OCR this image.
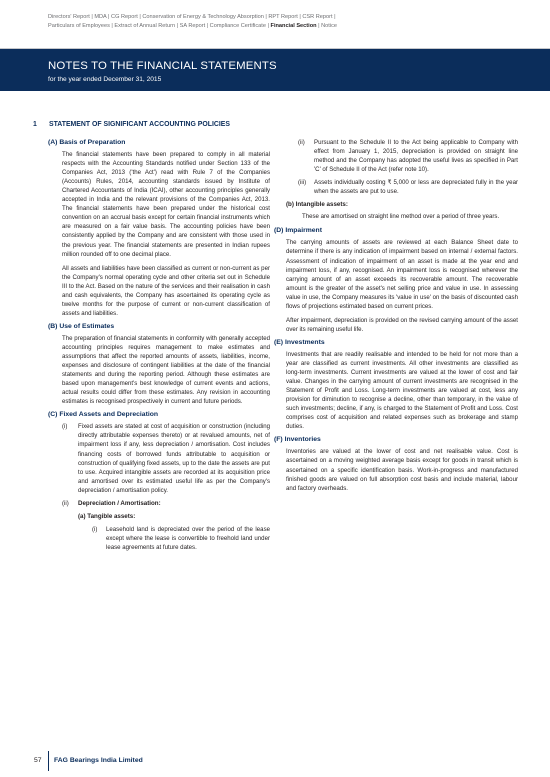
Directors' Report | MDA | CG Report | Conservation of Energy & Technology Absorption | RPT Report | CSR Report |
Particulars of Employees | Extract of Annual Return | SA Report | Compliance Certificate | Financial Section | Notice
NOTES TO THE FINANCIAL STATEMENTS
for the year ended December 31, 2015
1 STATEMENT OF SIGNIFICANT ACCOUNTING POLICIES
(A) Basis of Preparation

The financial statements have been prepared to comply in all material respects with the Accounting Standards notified under Section 133 of the Companies Act, 2013 ('the Act') read with Rule 7 of the Companies (Accounts) Rules, 2014, accounting standards issued by Institute of Chartered Accountants of India (ICAI), other accounting principles generally accepted in India and the relevant provisions of the Companies Act, 2013. The financial statements have been prepared under the historical cost convention on an accrual basis except for certain financial instruments which are measured on a fair value basis. The accounting policies have been consistently applied by the Company and are consistent with those used in the previous year. The financial statements are presented in Indian rupees million rounded off to one decimal place.

All assets and liabilities have been classified as current or non-current as per the Company's normal operating cycle and other criteria set out in Schedule III to the Act. Based on the nature of the services and their realisation in cash and cash equivalents, the Company has ascertained its operating cycle as twelve months for the purpose of current or non-current classification of assets and liabilities.

(B) Use of Estimates

The preparation of financial statements in conformity with generally accepted accounting principles requires management to make estimates and assumptions that affect the reported amounts of assets, liabilities, income, expenses and disclosure of contingent liabilities at the date of the financial statements and during the reporting period. Although these estimates are based upon management's best knowledge of current events and actions, actual results could differ from these estimates. Any revision in accounting estimates is recognised prospectively in current and future periods.

(C) Fixed Assets and Depreciation
(i)	Fixed assets are stated at cost of acquisition or construction (including directly attributable expenses thereto) or at revalued amounts, net of impairment loss if any, less depreciation / amortisation. Cost includes financing costs of borrowed funds attributable to acquisition or construction of qualifying fixed assets, up to the date the assets are put to use. Acquired intangible assets are recorded at its acquisition price and amortised over its estimated useful life as per the Company's depreciation / amortisation policy.
(ii)	Depreciation / Amortisation:
(a) Tangible assets:
(i)	Leasehold land is depreciated over the period of the lease except where the lease is convertible to freehold land under lease agreements at future dates.
(ii)	Pursuant to the Schedule II to the Act being applicable to Company with effect from January 1, 2015, depreciation is provided on straight line method and the Company has adopted the useful lives as specified in Part 'C' of Schedule II of the Act (refer note 10).
(iii)	Assets individually costing ₹ 5,000 or less are depreciated fully in the year when the assets are put to use.
(b) Intangible assets:

These are amortised on straight line method over a period of three years.

(D) Impairment

The carrying amounts of assets are reviewed at each Balance Sheet date to determine if there is any indication of impairment based on internal / external factors. Assessment of indication of impairment of an asset is made at the year end and impairment loss, if any, recognised. An impairment loss is recognised wherever the carrying amount of an asset exceeds its recoverable amount. The recoverable amount is the greater of the asset's net selling price and value in use. In assessing value in use, the Company measures its 'value in use' on the basis of discounted cash flows of projections estimated based on current prices.

After impairment, depreciation is provided on the revised carrying amount of the asset over its remaining useful life.

(E) Investments

Investments that are readily realisable and intended to be held for not more than a year are classified as current investments. All other investments are classified as long-term investments. Current investments are valued at the lower of cost and fair value. Changes in the carrying amount of current investments are recognised in the Statement of Profit and Loss. Long-term investments are valued at cost, less any provision for diminution to recognise a decline, other than temporary, in the value of such investments; decline, if any, is charged to the Statement of Profit and Loss. Cost comprises cost of acquisition and related expenses such as brokerage and stamp duties.

(F) Inventories

Inventories are valued at the lower of cost and net realisable value. Cost is ascertained on a moving weighted average basis except for goods in transit which is ascertained on a specific identification basis. Work-in-progress and manufactured finished goods are valued on full absorption cost basis and include material, labour and factory overheads.

57 FAG Bearings India Limited
